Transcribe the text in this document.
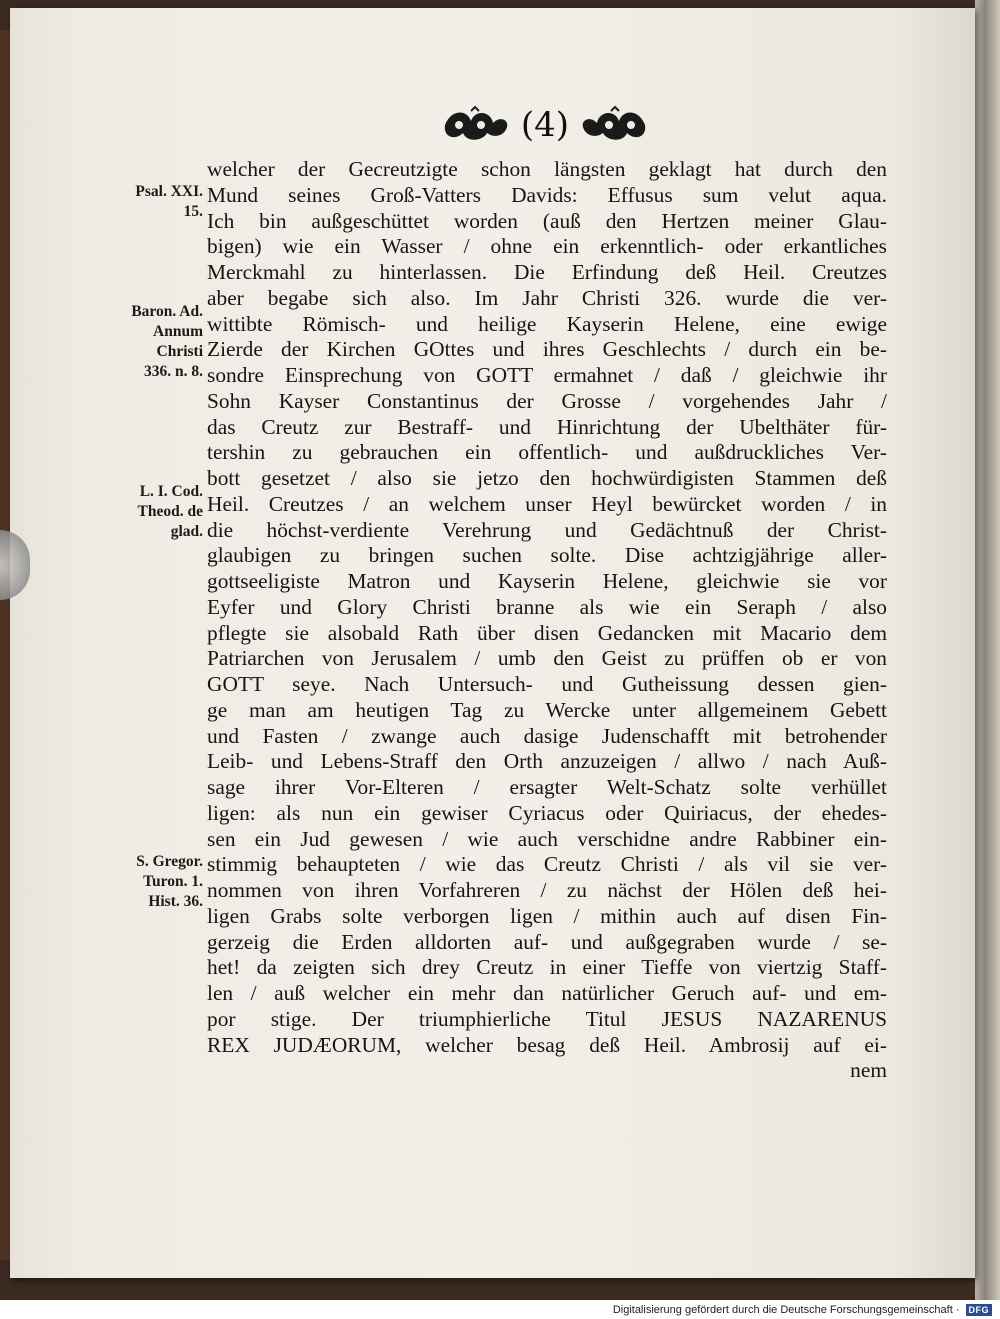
(4)
Psal. XXI.
15.
Baron. Ad.
Annum
Christi
336. n. 8.
L. I. Cod.
Theod. de
glad.
S. Gregor.
Turon. 1.
Hist. 36.
welcher der Gecreutzigte schon längsten geklagt hat durch den
Mund seines Groß-Vatters Davids: Effusus sum velut aqua.
Ich bin außgeschüttet worden (auß den Hertzen meiner Glau-
bigen) wie ein Wasser / ohne ein erkenntlich- oder erkantliches
Merckmahl zu hinterlassen. Die Erfindung deß Heil. Creutzes
aber begabe sich also. Im Jahr Christi 326. wurde die ver-
wittibte Römisch- und heilige Kayserin Helene, eine ewige
Zierde der Kirchen GOttes und ihres Geschlechts / durch ein be-
sondre Einsprechung von GOTT ermahnet / daß / gleichwie ihr
Sohn Kayser Constantinus der Grosse / vorgehendes Jahr /
das Creutz zur Bestraff- und Hinrichtung der Ubelthäter für-
tershin zu gebrauchen ein offentlich- und außdruckliches Ver-
bott gesetzet / also sie jetzo den hochwürdigisten Stammen deß
Heil. Creutzes / an welchem unser Heyl bewürcket worden / in
die höchst-verdiente Verehrung und Gedächtnuß der Christ-
glaubigen zu bringen suchen solte. Dise achtzigjährige aller-
gottseeligiste Matron und Kayserin Helene, gleichwie sie vor
Eyfer und Glory Christi branne als wie ein Seraph / also
pflegte sie alsobald Rath über disen Gedancken mit Macario dem
Patriarchen von Jerusalem / umb den Geist zu prüffen ob er von
GOTT seye. Nach Untersuch- und Gutheissung dessen gien-
ge man am heutigen Tag zu Wercke unter allgemeinem Gebett
und Fasten / zwange auch dasige Judenschafft mit betrohender
Leib- und Lebens-Straff den Orth anzuzeigen / allwo / nach Auß-
sage ihrer Vor-Elteren / ersagter Welt-Schatz solte verhüllet
ligen: als nun ein gewiser Cyriacus oder Quiriacus, der ehedes-
sen ein Jud gewesen / wie auch verschidne andre Rabbiner ein-
stimmig behaupteten / wie das Creutz Christi / als vil sie ver-
nommen von ihren Vorfahreren / zu nächst der Hölen deß hei-
ligen Grabs solte verborgen ligen / mithin auch auf disen Fin-
gerzeig die Erden alldorten auf- und außgegraben wurde / se-
het! da zeigten sich drey Creutz in einer Tieffe von viertzig Staff-
len / auß welcher ein mehr dan natürlicher Geruch auf- und em-
por stige. Der triumphierliche Titul JESUS NAZARENUS
REX JUDÆORUM, welcher besag deß Heil. Ambrosij auf ei-
nem
Digitalisierung gefördert durch die Deutsche Forschungsgemeinschaft ·	DFG
